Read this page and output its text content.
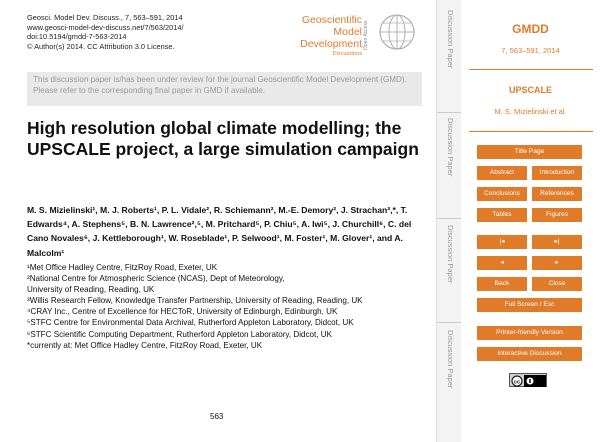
Geosci. Model Dev. Discuss., 7, 563–591, 2014
www.geosci-model-dev-discuss.net/7/563/2014/
doi:10.5194/gmdd-7-563-2014
© Author(s) 2014. CC Attribution 3.0 License.
Geoscientific
Model Development
Discussions
Open Access
This discussion paper is/has been under review for the journal Geoscientific Model Development (GMD). Please refer to the corresponding final paper in GMD if available.
High resolution global climate modelling; the UPSCALE project, a large simulation campaign
M. S. Mizielinski¹, M. J. Roberts¹, P. L. Vidale², R. Schiemann², M.-E. Demory², J. Strachan³,*, T. Edwards⁴, A. Stephens⁵, B. N. Lawrence²,⁵, M. Pritchard⁵, P. Chiu⁵, A. Iwi⁵, J. Churchill⁶, C. del Cano Novales⁶, J. Kettleborough¹, W. Roseblade¹, P. Selwood¹, M. Foster¹, M. Glover¹, and A. Malcolm¹
¹Met Office Hadley Centre, FitzRoy Road, Exeter, UK
²National Centre for Atmospheric Science (NCAS), Dept of Meteorology,
University of Reading, Reading, UK
³Willis Research Fellow, Knowledge Transfer Partnership, University of Reading, Reading, UK
⁴CRAY Inc., Centre of Excellence for HECToR, University of Edinburgh, Edinburgh, UK
⁵STFC Centre for Environmental Data Archival, Rutherford Appleton Laboratory, Didcot, UK
⁶STFC Scientific Computing Department, Rutherford Appleton Laboratory, Didcot, UK
*currently at: Met Office Hadley Centre, FitzRoy Road, Exeter, UK
563
Discussion Paper
Discussion Paper
Discussion Paper
Discussion Paper
GMDD
7, 563–591, 2014
UPSCALE
M. S. Mizielinski et al.
Title Page
Abstract	Introduction
Conclusions	References
Tables	Figures
|◂	▸|
◂	▸
Back	Close
Full Screen / Esc
Printer-friendly Version
Interactive Discussion
cc
